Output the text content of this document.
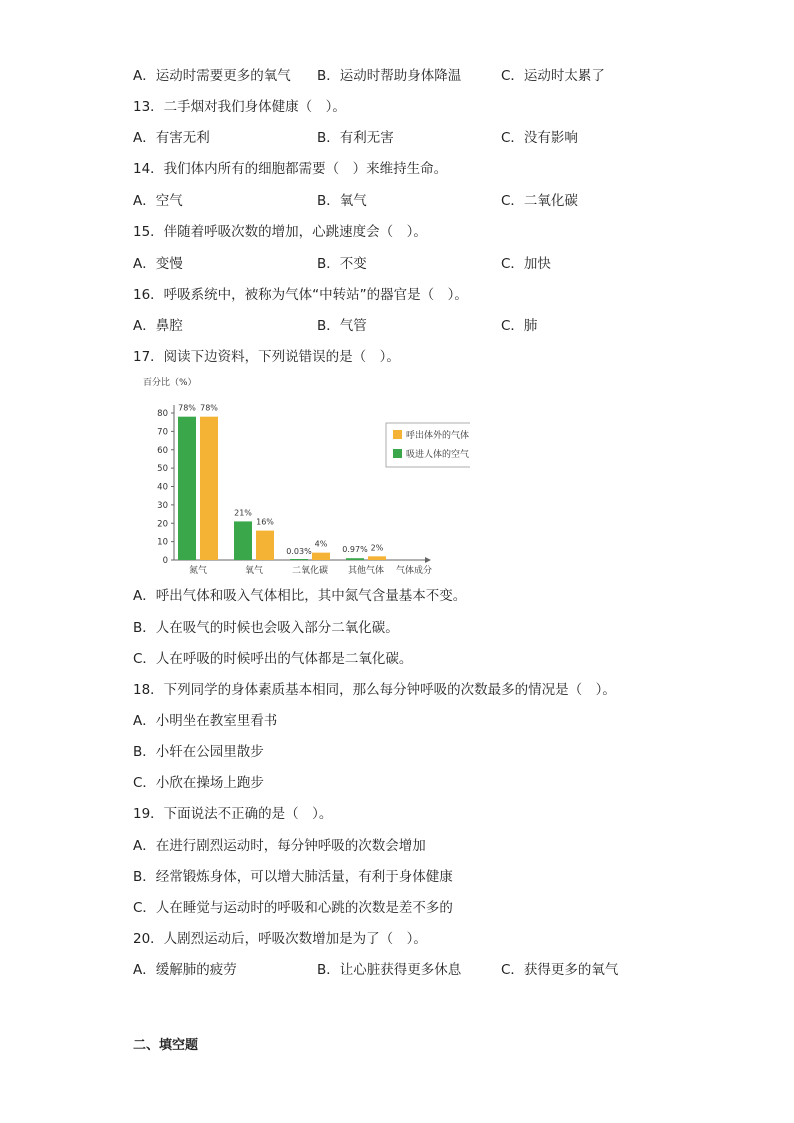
A．运动时需要更多的氧气 B．运动时帮助身体降温	C．运动时太累了
13．二手烟对我们身体健康（　）。
A．有害无利	B．有利无害	C．没有影响
14．我们体内所有的细胞都需要（　）来维持生命。
A．空气	B．氧气	C．二氧化碳
15．伴随着呼吸次数的增加，心跳速度会（　）。
A．变慢	B．不变	C．加快
16．呼吸系统中，被称为气体“中转站”的器官是（　）。
A．鼻腔	B．气管	C．肺
17．阅读下边资料，下列说错误的是（　）。
百分比（%）
0
10
20
30
40
50
60
70
80
78% 78%
21%
16%
0.03%
4%
0.97% 2%
氮气	氧气	二氧化碳 其他气体 气体成分
呼出体外的气体
吸进人体的空气
A．呼出气体和吸入气体相比，其中氮气含量基本不变。
B．人在吸气的时候也会吸入部分二氧化碳。
C．人在呼吸的时候呼出的气体都是二氧化碳。
18．下列同学的身体素质基本相同，那么每分钟呼吸的次数最多的情况是（　）。
A．小明坐在教室里看书
B．小轩在公园里散步
C．小欣在操场上跑步
19．下面说法不正确的是（　）。
A．在进行剧烈运动时，每分钟呼吸的次数会增加
B．经常锻炼身体，可以增大肺活量，有利于身体健康
C．人在睡觉与运动时的呼吸和心跳的次数是差不多的
20．人剧烈运动后，呼吸次数增加是为了（　）。
A．缓解肺的疲劳	B．让心脏获得更多休息	C．获得更多的氧气
二、填空题
